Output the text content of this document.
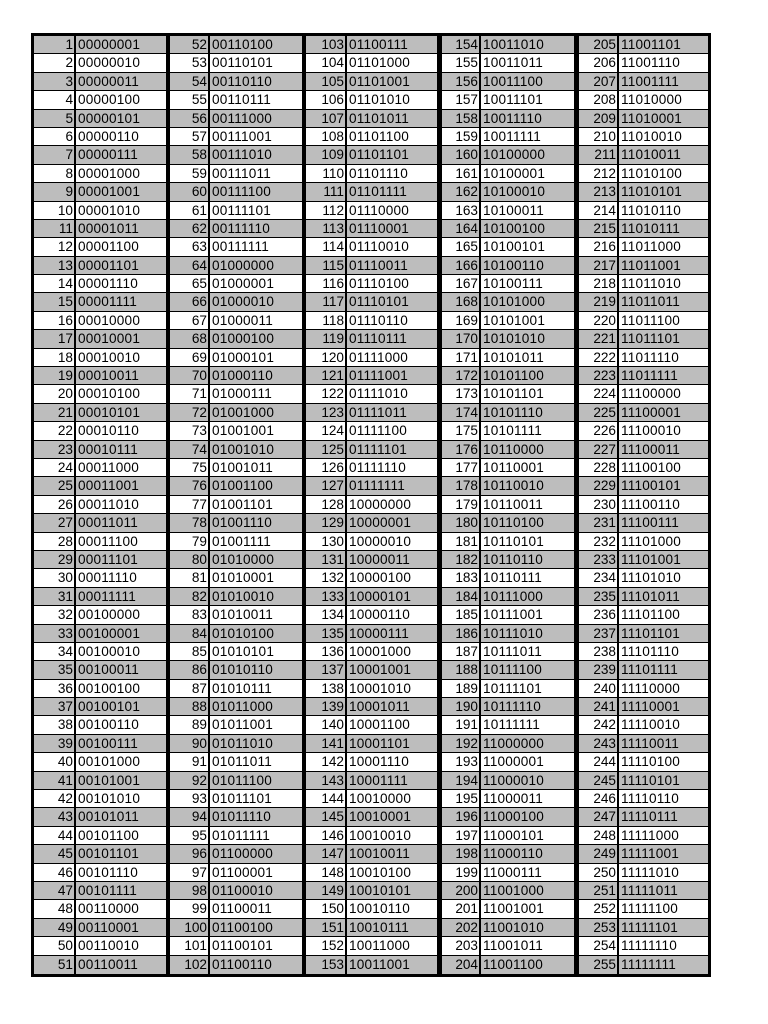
1 00000001
2 00000010
3 00000011
4 00000100
5 00000101
6 00000110
7 00000111
8 00001000
9 00001001
10 00001010
11 00001011
12 00001100
13 00001101
14 00001110
15 00001111
16 00010000
17 00010001
18 00010010
19 00010011
20 00010100
21 00010101
22 00010110
23 00010111
24 00011000
25 00011001
26 00011010
27 00011011
28 00011100
29 00011101
30 00011110
31 00011111
32 00100000
33 00100001
34 00100010
35 00100011
36 00100100
37 00100101
38 00100110
39 00100111
40 00101000
41 00101001
42 00101010
43 00101011
44 00101100
45 00101101
46 00101110
47 00101111
48 00110000
49 00110001
50 00110010
51 00110011
52 00110100
53 00110101
54 00110110
55 00110111
56 00111000
57 00111001
58 00111010
59 00111011
60 00111100
61 00111101
62 00111110
63 00111111
64 01000000
65 01000001
66 01000010
67 01000011
68 01000100
69 01000101
70 01000110
71 01000111
72 01001000
73 01001001
74 01001010
75 01001011
76 01001100
77 01001101
78 01001110
79 01001111
80 01010000
81 01010001
82 01010010
83 01010011
84 01010100
85 01010101
86 01010110
87 01010111
88 01011000
89 01011001
90 01011010
91 01011011
92 01011100
93 01011101
94 01011110
95 01011111
96 01100000
97 01100001
98 01100010
99 01100011
100 01100100
101 01100101
102 01100110
103 01100111
104 01101000
105 01101001
106 01101010
107 01101011
108 01101100
109 01101101
110 01101110
111 01101111
112 01110000
113 01110001
114 01110010
115 01110011
116 01110100
117 01110101
118 01110110
119 01110111
120 01111000
121 01111001
122 01111010
123 01111011
124 01111100
125 01111101
126 01111110
127 01111111
128 10000000
129 10000001
130 10000010
131 10000011
132 10000100
133 10000101
134 10000110
135 10000111
136 10001000
137 10001001
138 10001010
139 10001011
140 10001100
141 10001101
142 10001110
143 10001111
144 10010000
145 10010001
146 10010010
147 10010011
148 10010100
149 10010101
150 10010110
151 10010111
152 10011000
153 10011001
154 10011010
155 10011011
156 10011100
157 10011101
158 10011110
159 10011111
160 10100000
161 10100001
162 10100010
163 10100011
164 10100100
165 10100101
166 10100110
167 10100111
168 10101000
169 10101001
170 10101010
171 10101011
172 10101100
173 10101101
174 10101110
175 10101111
176 10110000
177 10110001
178 10110010
179 10110011
180 10110100
181 10110101
182 10110110
183 10110111
184 10111000
185 10111001
186 10111010
187 10111011
188 10111100
189 10111101
190 10111110
191 10111111
192 11000000
193 11000001
194 11000010
195 11000011
196 11000100
197 11000101
198 11000110
199 11000111
200 11001000
201 11001001
202 11001010
203 11001011
204 11001100
205 11001101
206 11001110
207 11001111
208 11010000
209 11010001
210 11010010
211 11010011
212 11010100
213 11010101
214 11010110
215 11010111
216 11011000
217 11011001
218 11011010
219 11011011
220 11011100
221 11011101
222 11011110
223 11011111
224 11100000
225 11100001
226 11100010
227 11100011
228 11100100
229 11100101
230 11100110
231 11100111
232 11101000
233 11101001
234 11101010
235 11101011
236 11101100
237 11101101
238 11101110
239 11101111
240 11110000
241 11110001
242 11110010
243 11110011
244 11110100
245 11110101
246 11110110
247 11110111
248 11111000
249 11111001
250 11111010
251 11111011
252 11111100
253 11111101
254 11111110
255 11111111
